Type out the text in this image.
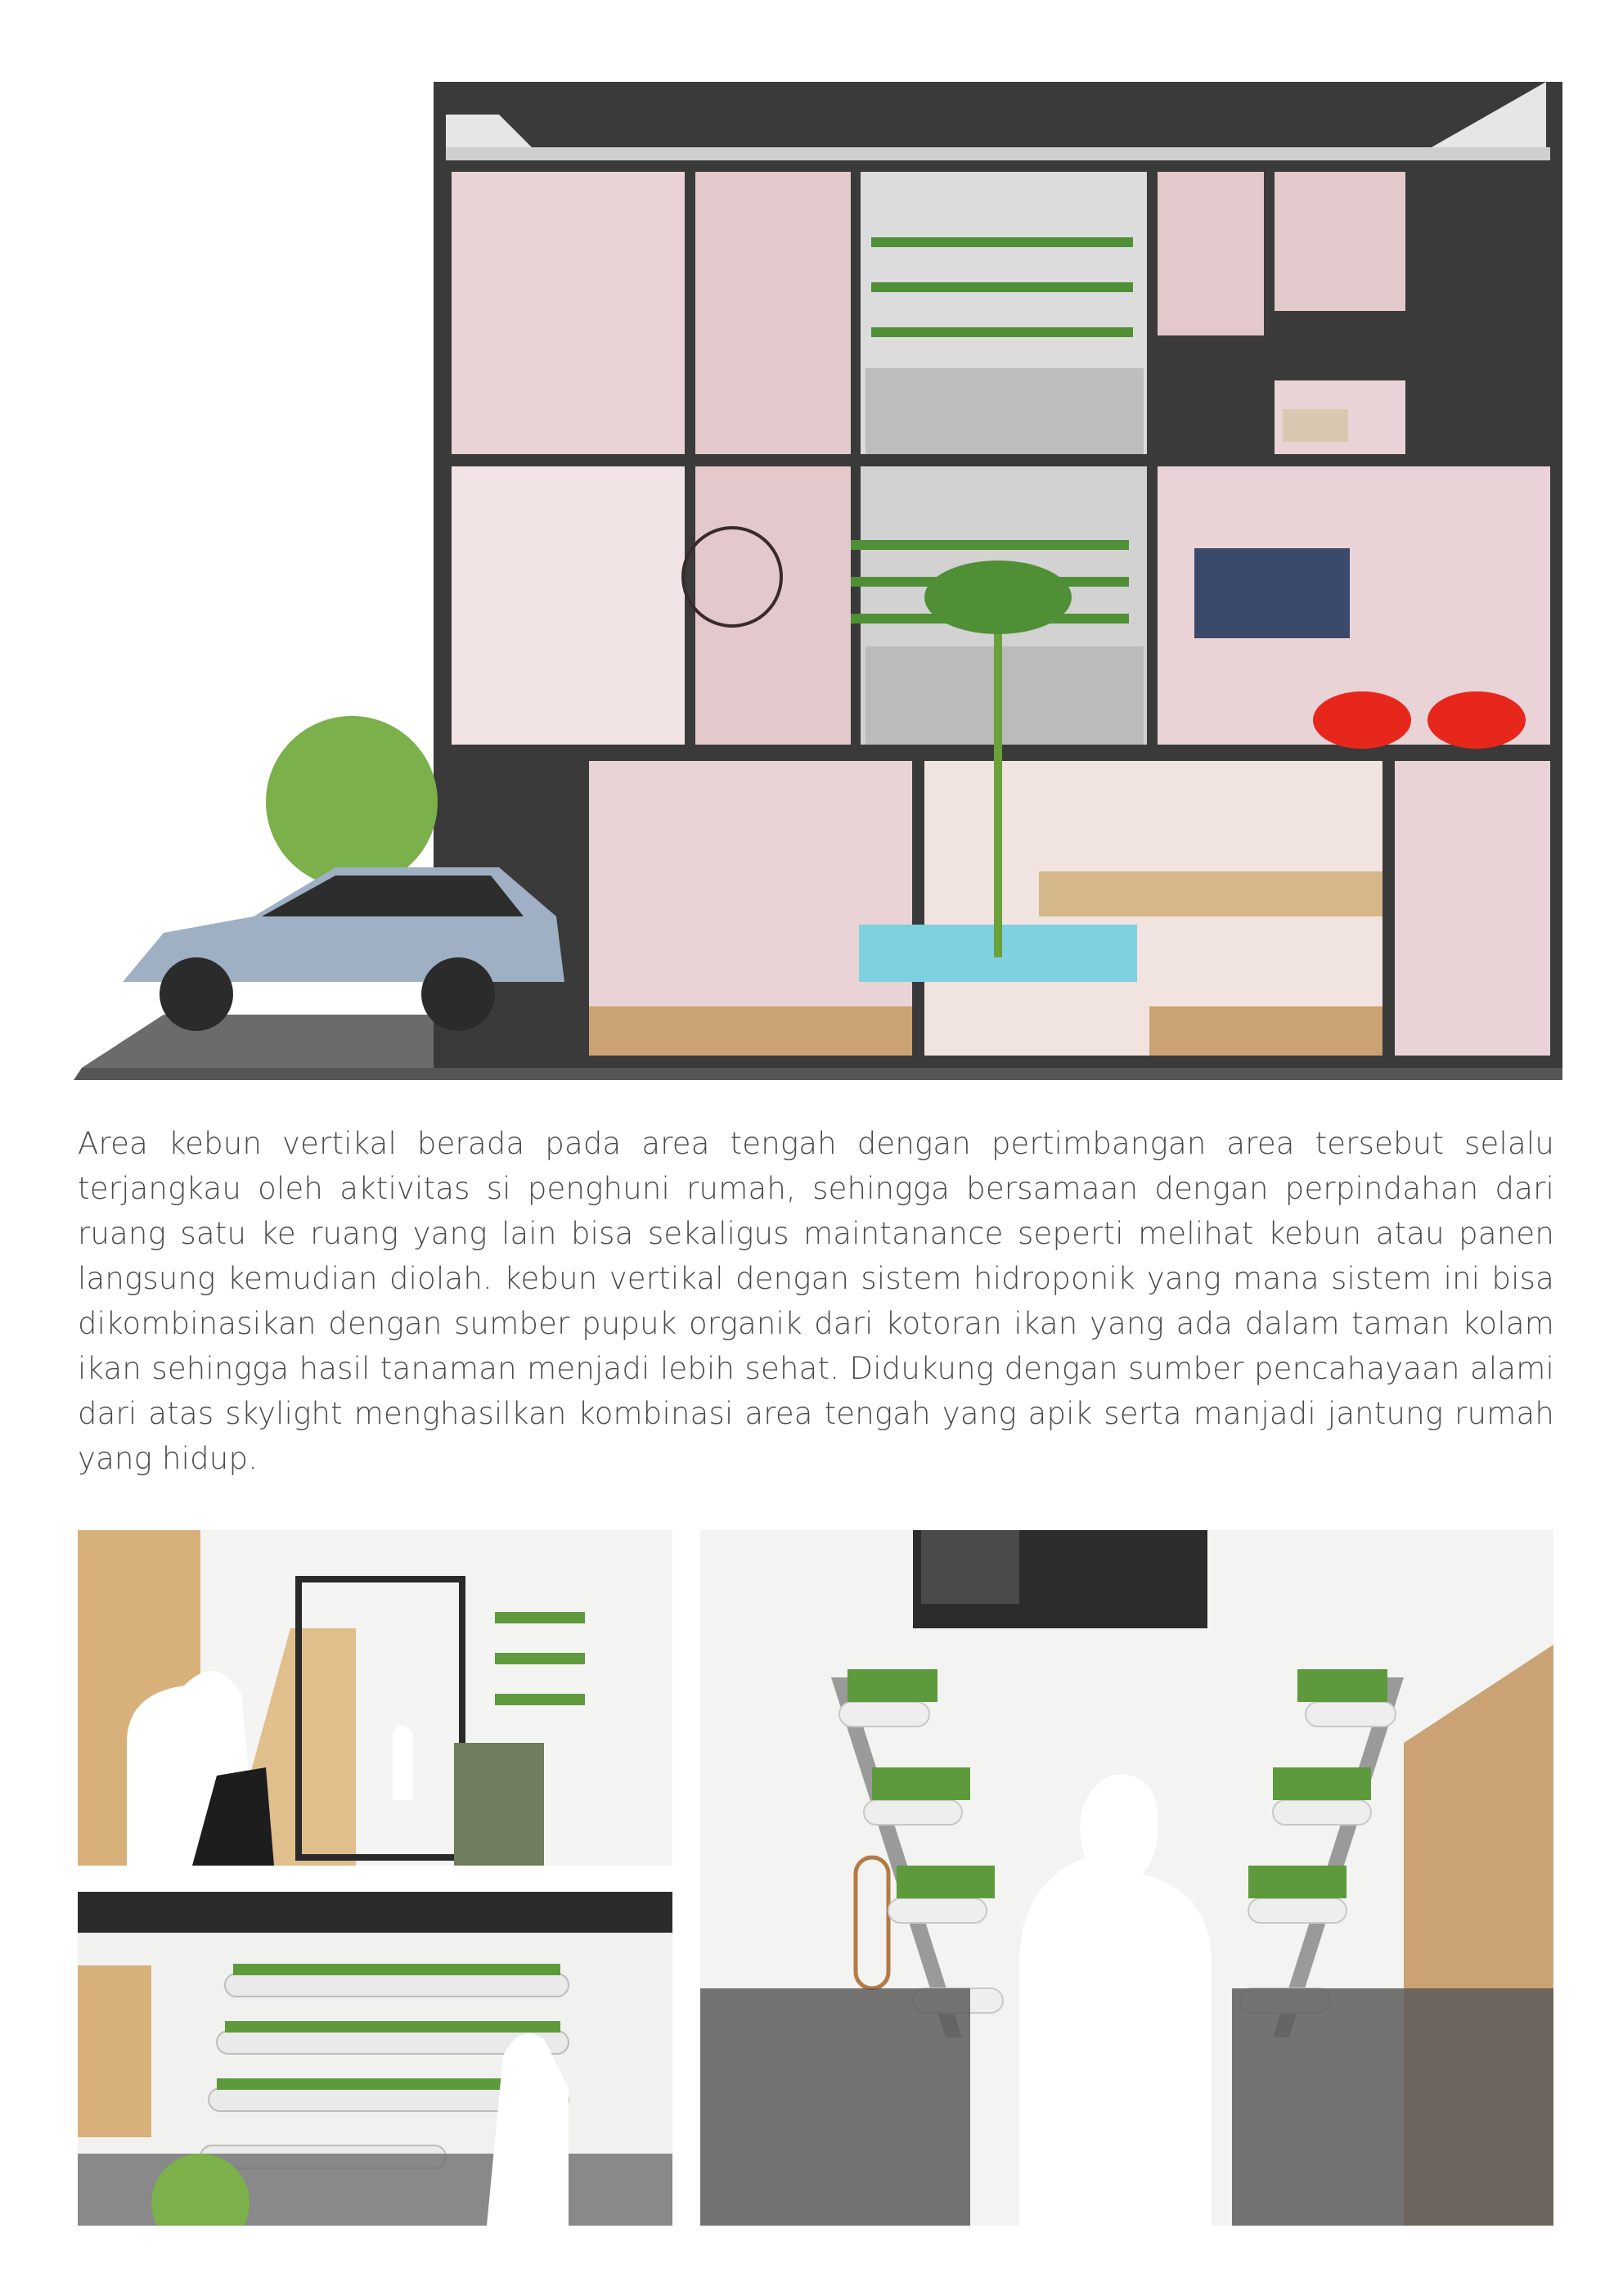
Area kebun vertikal berada pada area tengah dengan pertimbangan area tersebut selalu terjangkau oleh aktivitas si penghuni rumah, sehingga bersamaan dengan perpindahan dari ruang satu ke ruang yang lain bisa sekaligus maintanance seperti melihat kebun atau panen langsung kemudian diolah. kebun vertikal dengan sistem hidroponik yang mana sistem ini bisa dikombinasikan dengan sumber pupuk organik dari kotoran ikan yang ada dalam taman kolam ikan sehingga hasil tanaman menjadi lebih sehat. Didukung dengan sumber pencahayaan alami dari atas skylight menghasilkan kombinasi area tengah yang apik serta manjadi jantung rumah yang hidup.
